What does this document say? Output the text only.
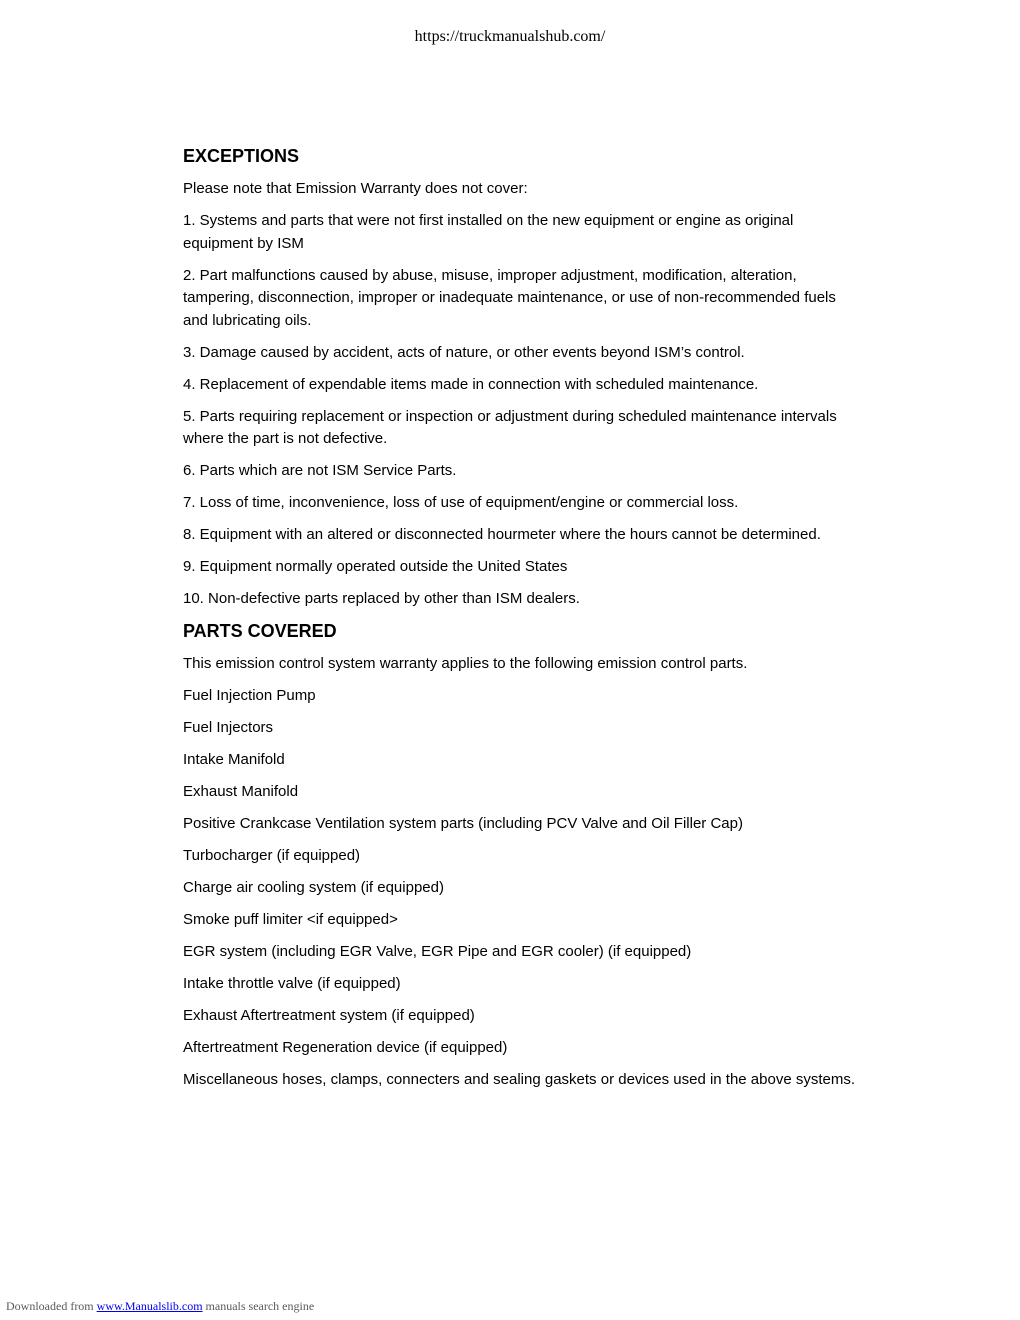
https://truckmanualshub.com/
EXCEPTIONS
Please note that Emission Warranty does not cover:
1. Systems and parts that were not first installed on the new equipment or engine as original equipment by ISM
2. Part malfunctions caused by abuse, misuse, improper adjustment, modification, alteration, tampering, disconnection, improper or inadequate maintenance, or use of non-recommended fuels and lubricating oils.
3. Damage caused by accident, acts of nature, or other events beyond ISM’s control.
4. Replacement of expendable items made in connection with scheduled maintenance.
5. Parts requiring replacement or inspection or adjustment during scheduled maintenance intervals where the part is not defective.
6. Parts which are not ISM Service Parts.
7. Loss of time, inconvenience, loss of use of equipment/engine or commercial loss.
8. Equipment with an altered or disconnected hourmeter where the hours cannot be determined.
9. Equipment normally operated outside the United States
10. Non-defective parts replaced by other than ISM dealers.
PARTS COVERED
This emission control system warranty applies to the following emission control parts.
Fuel Injection Pump
Fuel Injectors
Intake Manifold
Exhaust Manifold
Positive Crankcase Ventilation system parts (including PCV Valve and Oil Filler Cap)
Turbocharger (if equipped)
Charge air cooling system (if equipped)
Smoke puff limiter <if equipped>
EGR system (including EGR Valve, EGR Pipe and EGR cooler) (if equipped)
Intake throttle valve (if equipped)
Exhaust Aftertreatment system (if equipped)
Aftertreatment Regeneration device (if equipped)
Miscellaneous hoses, clamps, connecters and sealing gaskets or devices used in the above systems.
Downloaded from www.Manualslib.com manuals search engine
